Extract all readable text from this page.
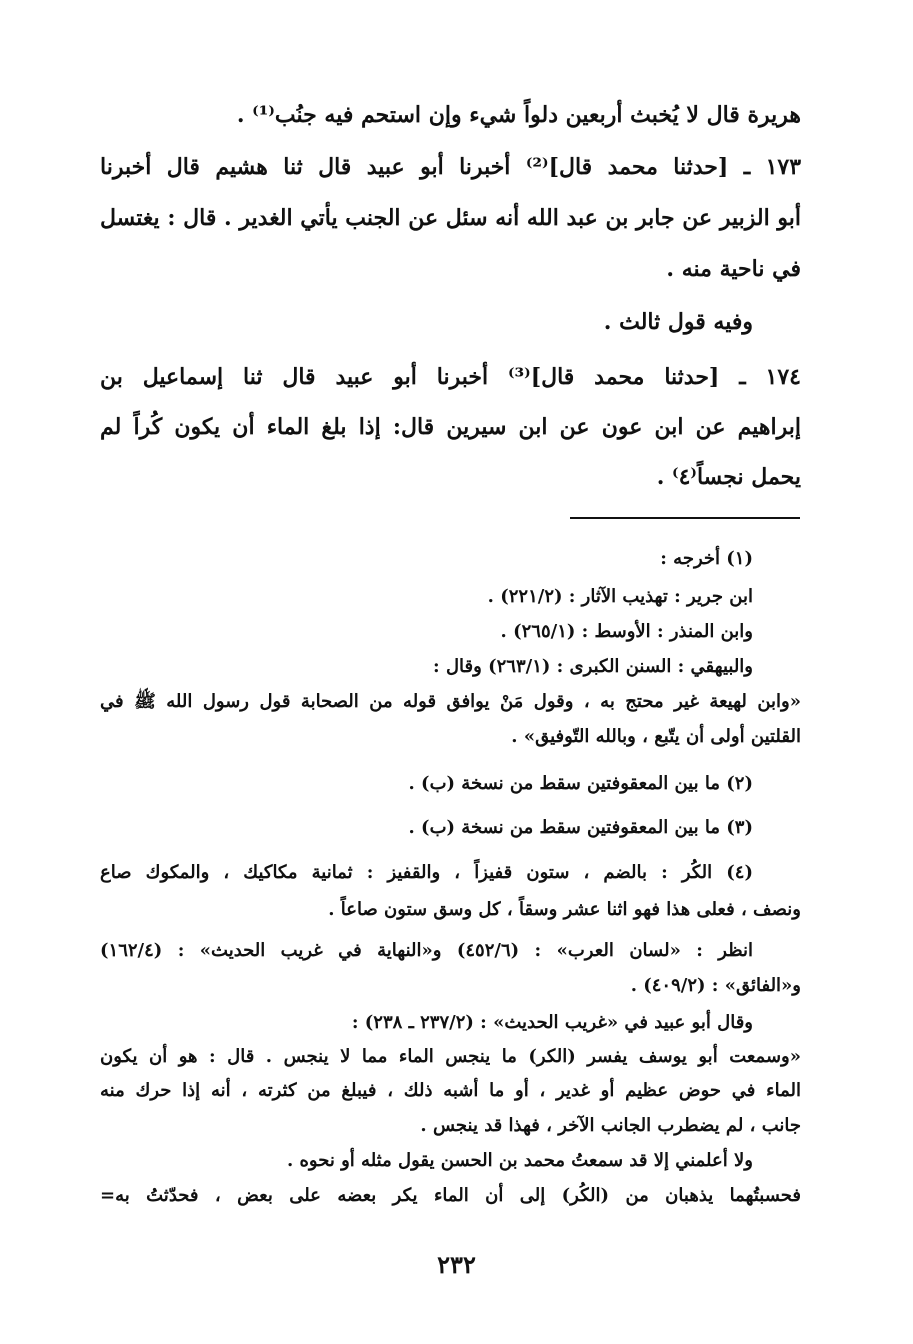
هريرة قال لا يُخبث أربعين دلواً شيء وإن استحم فيه جنُب⁽¹⁾ .

١٧٣ ـ [حدثنا محمد قال]⁽²⁾ أخبرنا أبو عبيد قال ثنا هشيم قال أخبرنا

أبو الزبير عن جابر بن عبد الله أنه سئل عن الجنب يأتي الغدير . قال : يغتسل

في ناحية منه .

وفيه قول ثالث .

١٧٤ ـ [حدثنا محمد قال]⁽³⁾ أخبرنا أبو عبيد قال ثنا إسماعيل بن

إبراهيم عن ابن عون عن ابن سيرين قال: إذا بلغ الماء أن يكون كُراً لم

يحمل نجساً⁽٤⁾ .

(١) أخرجه :

ابن جرير : تهذيب الآثار : (٢٢١/٢) .

وابن المنذر : الأوسط : (٢٦٥/١) .

والبيهقي : السنن الكبرى : (٢٦٣/١) وقال :

«وابن لهيعة غير محتج به ، وقول مَنْ يوافق قوله من الصحابة قول رسول الله ﷺ في

القلتين أولى أن يتّبع ، وبالله التّوفيق» .

(٢) ما بين المعقوفتين سقط من نسخة (ب) .

(٣) ما بين المعقوفتين سقط من نسخة (ب) .

(٤) الكُر : بالضم ، ستون قفيزاً ، والقفيز : ثمانية مكاكيك ، والمكوك صاع

ونصف ، فعلى هذا فهو اثنا عشر وسقاً ، كل وسق ستون صاعاً .

انظر : «لسان العرب» : (٤٥٢/٦) و«النهاية في غريب الحديث» : (١٦٢/٤)

و«الفائق» : (٤٠٩/٢) .

وقال أبو عبيد في «غريب الحديث» : (٢٣٧/٢ ـ ٢٣٨) :

«وسمعت أبو يوسف يفسر (الكر) ما ينجس الماء مما لا ينجس . قال : هو أن يكون

الماء في حوض عظيم أو غدير ، أو ما أشبه ذلك ، فيبلغ من كثرته ، أنه إذا حرك منه

جانب ، لم يضطرب الجانب الآخر ، فهذا قد ينجس .

ولا أعلمني إلا قد سمعتُ محمد بن الحسن يقول مثله أو نحوه .

فحسبتُهما يذهبان من (الكُر) إلى أن الماء يكر بعضه على بعض ، فحدّثتُ به=

٢٣٢
